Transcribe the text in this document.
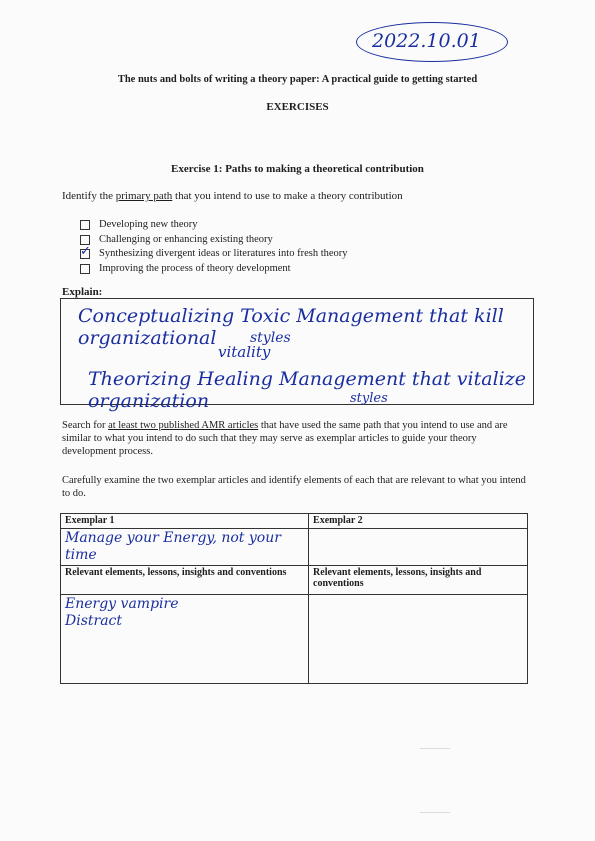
2022.10.01
The nuts and bolts of writing a theory paper: A practical guide to getting started
EXERCISES
Exercise 1: Paths to making a theoretical contribution
Identify the primary path that you intend to use to make a theory contribution
Developing new theory
Challenging or enhancing existing theory
✓ Synthesizing divergent ideas or literatures into fresh theory
Improving the process of theory development
Explain:
Conceptualizing Toxic Management that kill organizational	styles
vitality
Theorizing Healing Management that vitalize organization	styles
Search for at least two published AMR articles that have used the same path that you intend to use and are similar to what you intend to do such that they may serve as exemplar articles to guide your theory development process.
Carefully examine the two exemplar articles and identify elements of each that are relevant to what you intend to do.
Exemplar 1	Exemplar 2
Manage your Energy, not your time	
Relevant elements, lessons, insights and conventions	Relevant elements, lessons, insights and conventions

Energy vampire
Distract	
